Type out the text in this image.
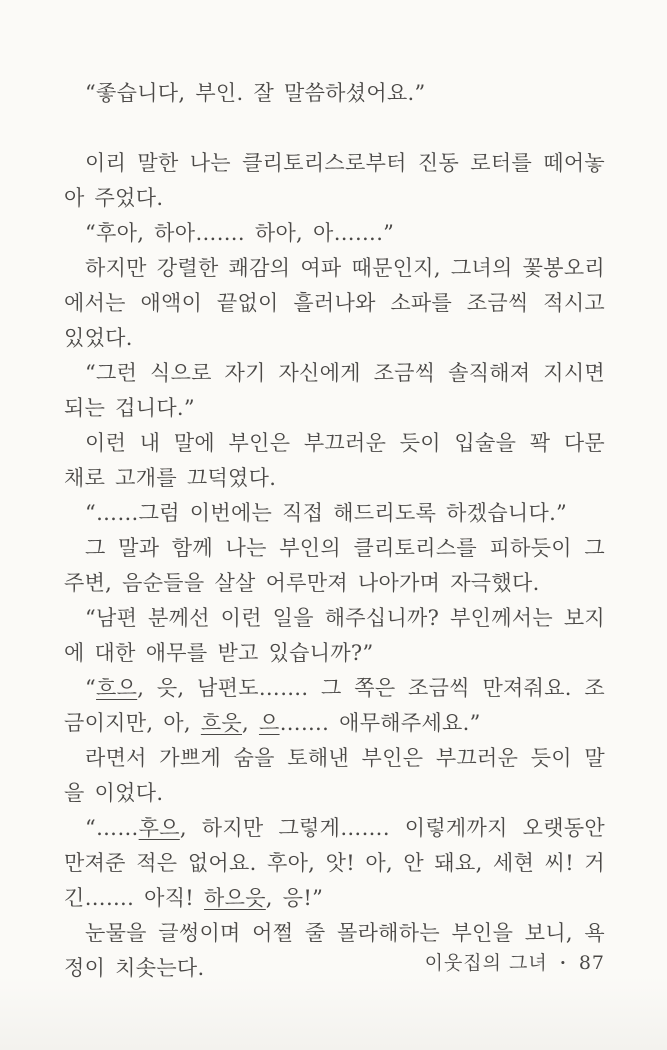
“좋습니다, 부인. 잘 말씀하셨어요.”

이리 말한 나는 클리토리스로부터 진동 로터를 떼어놓아 주었다.

“후아, 하아……. 하아, 아…….”

하지만 강렬한 쾌감의 여파 때문인지, 그녀의 꽃봉오리에서는 애액이 끝없이 흘러나와 소파를 조금씩 적시고 있었다.

“그런 식으로 자기 자신에게 조금씩 솔직해져 지시면 되는 겁니다.”

이런 내 말에 부인은 부끄러운 듯이 입술을 꽉 다문 채로 고개를 끄덕였다.

“……그럼 이번에는 직접 해드리도록 하겠습니다.”

그 말과 함께 나는 부인의 클리토리스를 피하듯이 그 주변, 음순들을 살살 어루만져 나아가며 자극했다.

“남편 분께선 이런 일을 해주십니까? 부인께서는 보지에 대한 애무를 받고 있습니까?”

“흐으, 읏, 남편도……. 그 쪽은 조금씩 만져줘요. 조금이지만, 아, 흐읏, 으……. 애무해주세요.”

라면서 가쁘게 숨을 토해낸 부인은 부끄러운 듯이 말을 이었다.

“……후으, 하지만 그렇게……. 이렇게까지 오랫동안 만져준 적은 없어요. 후아, 앗! 아, 안 돼요, 세현 씨! 거긴……. 아직! 하으읏, 응!”

눈물을 글썽이며 어쩔 줄 몰라해하는 부인을 보니, 욕정이 치솟는다.	이웃집의 그녀 · 87
